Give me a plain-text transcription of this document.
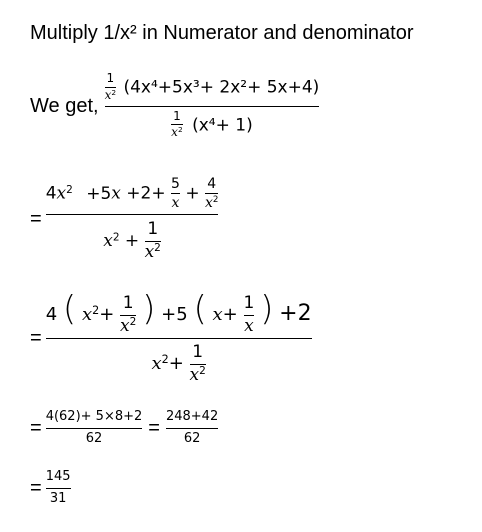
Multiply 1/x² in Numerator and denominator
We get, $\frac{\frac{1}{x^2} (4x^4+5x^3+ 2x^2+ 5x+4)}{\frac{1}{x^2} (x^4+ 1)}$
=
$4x^2 +5x +2+ \frac{5}{x} + \frac{4}{x^2}$
$x^2 + \frac{1}{x^2}$
=
4 ( $x^2+ \frac{1}{x^2}$ ) +5 ( $x+ \frac{1}{x}$ ) +2
$x^2+ \frac{1}{x^2}$
= $\frac{4(62)+ 5\times 8+2}{62} = \frac{248+42}{62}$
= $\frac{145}{31}$
